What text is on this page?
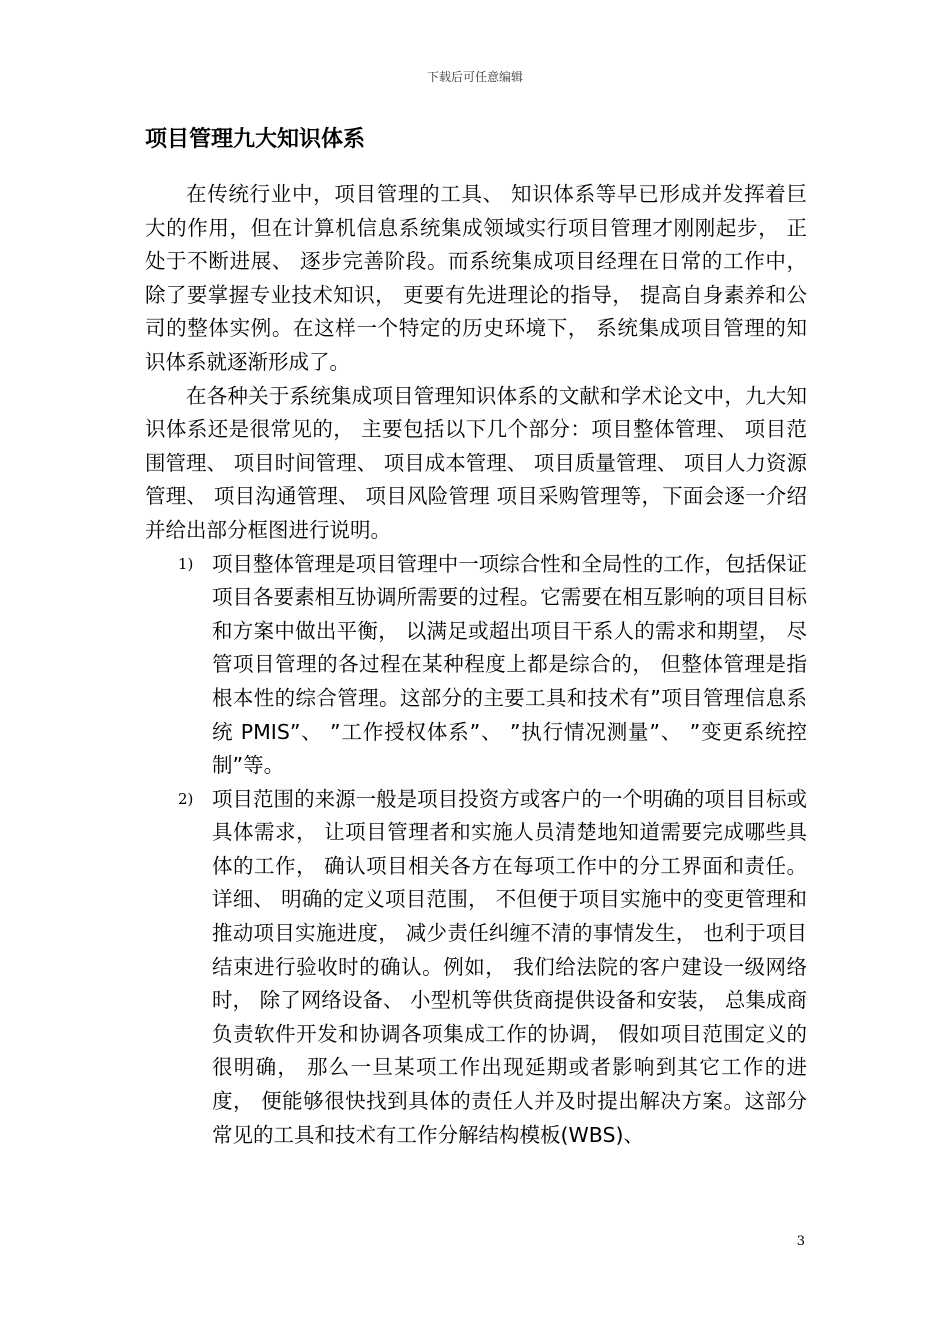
下载后可任意编辑
项目管理九大知识体系

在传统行业中，项目管理的工具、 知识体系等早已形成并发挥着巨大的作用，但在计算机信息系统集成领域实行项目管理才刚刚起步， 正处于不断进展、 逐步完善阶段。而系统集成项目经理在日常的工作中， 除了要掌握专业技术知识， 更要有先进理论的指导， 提高自身素养和公司的整体实例。在这样一个特定的历史环境下， 系统集成项目管理的知识体系就逐渐形成了。

在各种关于系统集成项目管理知识体系的文献和学术论文中，九大知识体系还是很常见的， 主要包括以下几个部分：项目整体管理、 项目范围管理、 项目时间管理、 项目成本管理、 项目质量管理、 项目人力资源管理、 项目沟通管理、 项目风险管理 项目采购管理等，下面会逐一介绍并给出部分框图进行说明。

1) 项目整体管理是项目管理中一项综合性和全局性的工作，包括保证项目各要素相互协调所需要的过程。它需要在相互影响的项目目标和方案中做出平衡， 以满足或超出项目干系人的需求和期望， 尽管项目管理的各过程在某种程度上都是综合的， 但整体管理是指根本性的综合管理。这部分的主要工具和技术有”项目管理信息系统 PMIS”、 ”工作授权体系”、 ”执行情况测量”、 ”变更系统控制”等。
2) 项目范围的来源一般是项目投资方或客户的一个明确的项目目标或具体需求， 让项目管理者和实施人员清楚地知道需要完成哪些具体的工作， 确认项目相关各方在每项工作中的分工界面和责任。详细、 明确的定义项目范围， 不但便于项目实施中的变更管理和推动项目实施进度， 减少责任纠缠不清的事情发生， 也利于项目结束进行验收时的确认。例如， 我们给法院的客户建设一级网络时， 除了网络设备、 小型机等供货商提供设备和安装， 总集成商负责软件开发和协调各项集成工作的协调， 假如项目范围定义的很明确， 那么一旦某项工作出现延期或者影响到其它工作的进度， 便能够很快找到具体的责任人并及时提出解决方案。这部分常见的工具和技术有工作分解结构模板(WBS)、
3
